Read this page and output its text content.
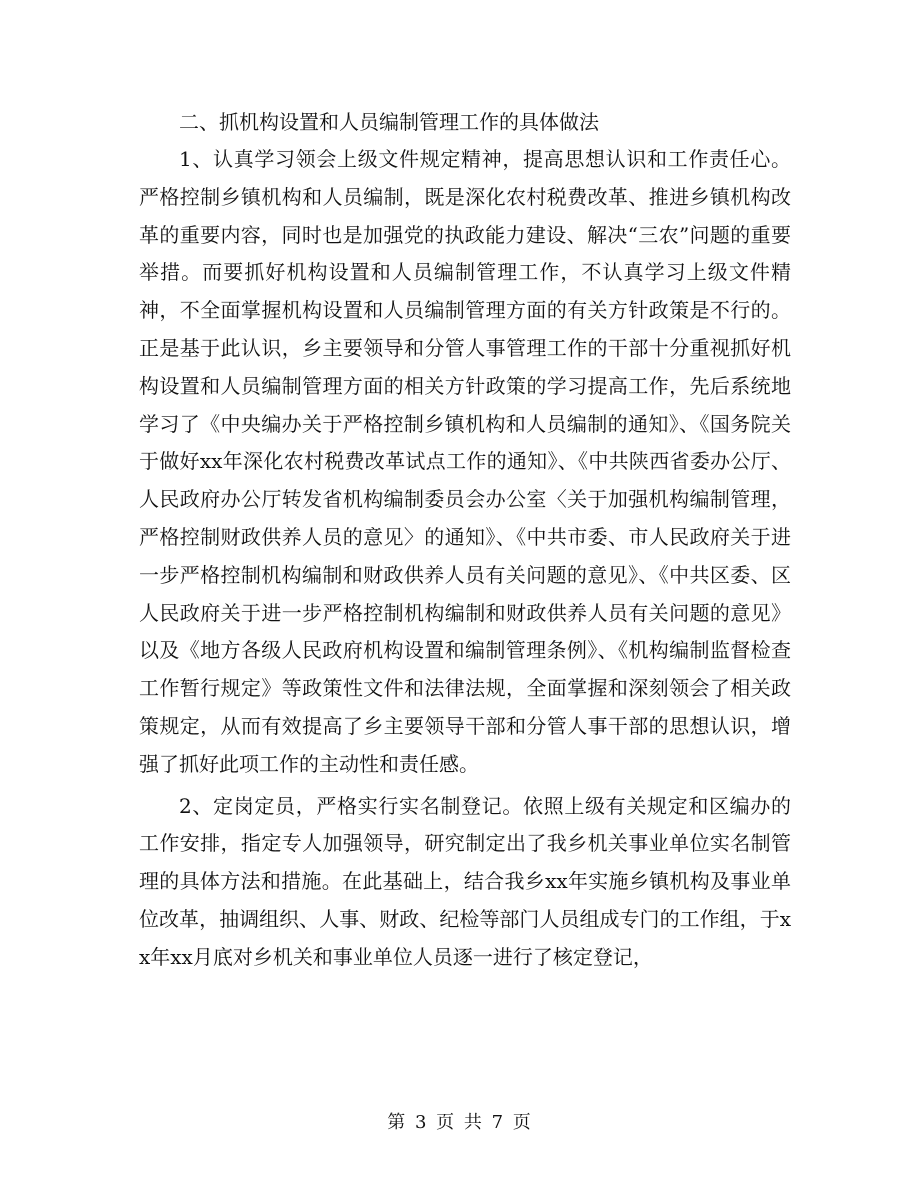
二、抓机构设置和人员编制管理工作的具体做法

1、认真学习领会上级文件规定精神，提高思想认识和工作责任心。严格控制乡镇机构和人员编制，既是深化农村税费改革、推进乡镇机构改革的重要内容，同时也是加强党的执政能力建设、解决“三农”问题的重要举措。而要抓好机构设置和人员编制管理工作，不认真学习上级文件精神，不全面掌握机构设置和人员编制管理方面的有关方针政策是不行的。正是基于此认识，乡主要领导和分管人事管理工作的干部十分重视抓好机构设置和人员编制管理方面的相关方针政策的学习提高工作，先后系统地学习了《中央编办关于严格控制乡镇机构和人员编制的通知》、《国务院关于做好xx年深化农村税费改革试点工作的通知》、《中共陕西省委办公厅、人民政府办公厅转发省机构编制委员会办公室〈关于加强机构编制管理，严格控制财政供养人员的意见〉的通知》、《中共市委、市人民政府关于进一步严格控制机构编制和财政供养人员有关问题的意见》、《中共区委、区人民政府关于进一步严格控制机构编制和财政供养人员有关问题的意见》以及《地方各级人民政府机构设置和编制管理条例》、《机构编制监督检查工作暂行规定》等政策性文件和法律法规，全面掌握和深刻领会了相关政策规定，从而有效提高了乡主要领导干部和分管人事干部的思想认识，增强了抓好此项工作的主动性和责任感。

2、定岗定员，严格实行实名制登记。依照上级有关规定和区编办的工作安排，指定专人加强领导，研究制定出了我乡机关事业单位实名制管理的具体方法和措施。在此基础上，结合我乡xx年实施乡镇机构及事业单位改革，抽调组织、人事、财政、纪检等部门人员组成专门的工作组，于xx年xx月底对乡机关和事业单位人员逐一进行了核定登记，

第 3 页 共 7 页
